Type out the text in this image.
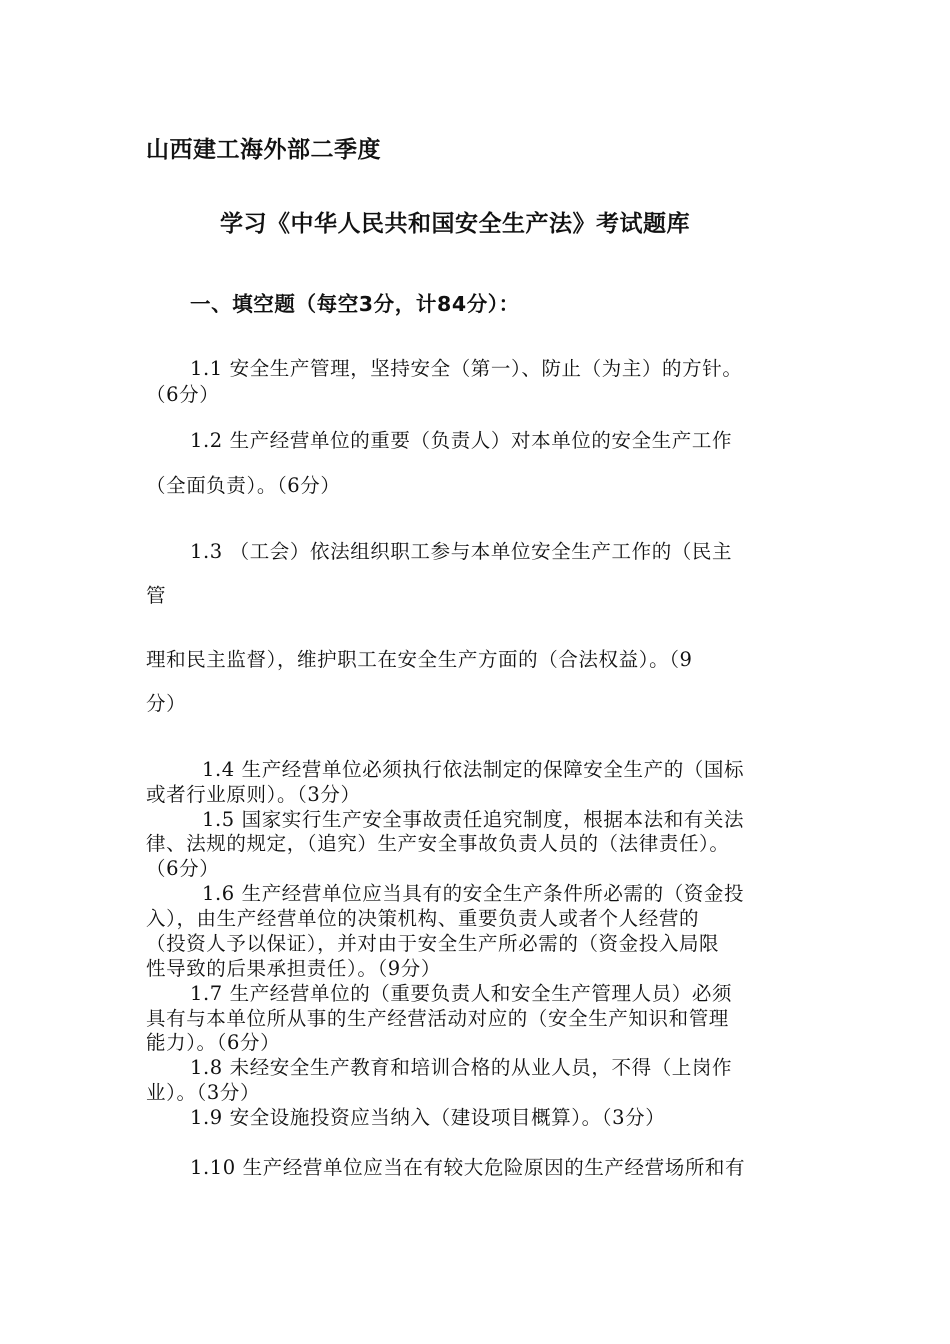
山西建工海外部二季度
学习《中华人民共和国安全生产法》考试题库
一、填空题（每空3分，计84分）：
1.1 安全生产管理，坚持安全（第一）、防止（为主）的方针。
（6分）
1.2 生产经营单位的重要（负责人）对本单位的安全生产工作
（全面负责）。（6分）
1.3 （工会）依法组织职工参与本单位安全生产工作的（民主
管
理和民主监督），维护职工在安全生产方面的（合法权益）。（9
分）
1.4 生产经营单位必须执行依法制定的保障安全生产的（国标
或者行业原则）。（3分）
1.5 国家实行生产安全事故责任追究制度，根据本法和有关法
律、法规的规定，（追究）生产安全事故负责人员的（法律责任）。
（6分）
1.6 生产经营单位应当具有的安全生产条件所必需的（资金投
入），由生产经营单位的决策机构、重要负责人或者个人经营的
（投资人予以保证），并对由于安全生产所必需的（资金投入局限
性导致的后果承担责任）。（9分）
1.7 生产经营单位的（重要负责人和安全生产管理人员）必须
具有与本单位所从事的生产经营活动对应的（安全生产知识和管理
能力）。（6分）
1.8 未经安全生产教育和培训合格的从业人员，不得（上岗作
业）。（3分）
1.9 安全设施投资应当纳入（建设项目概算）。（3分）
1.10 生产经营单位应当在有较大危险原因的生产经营场所和有
